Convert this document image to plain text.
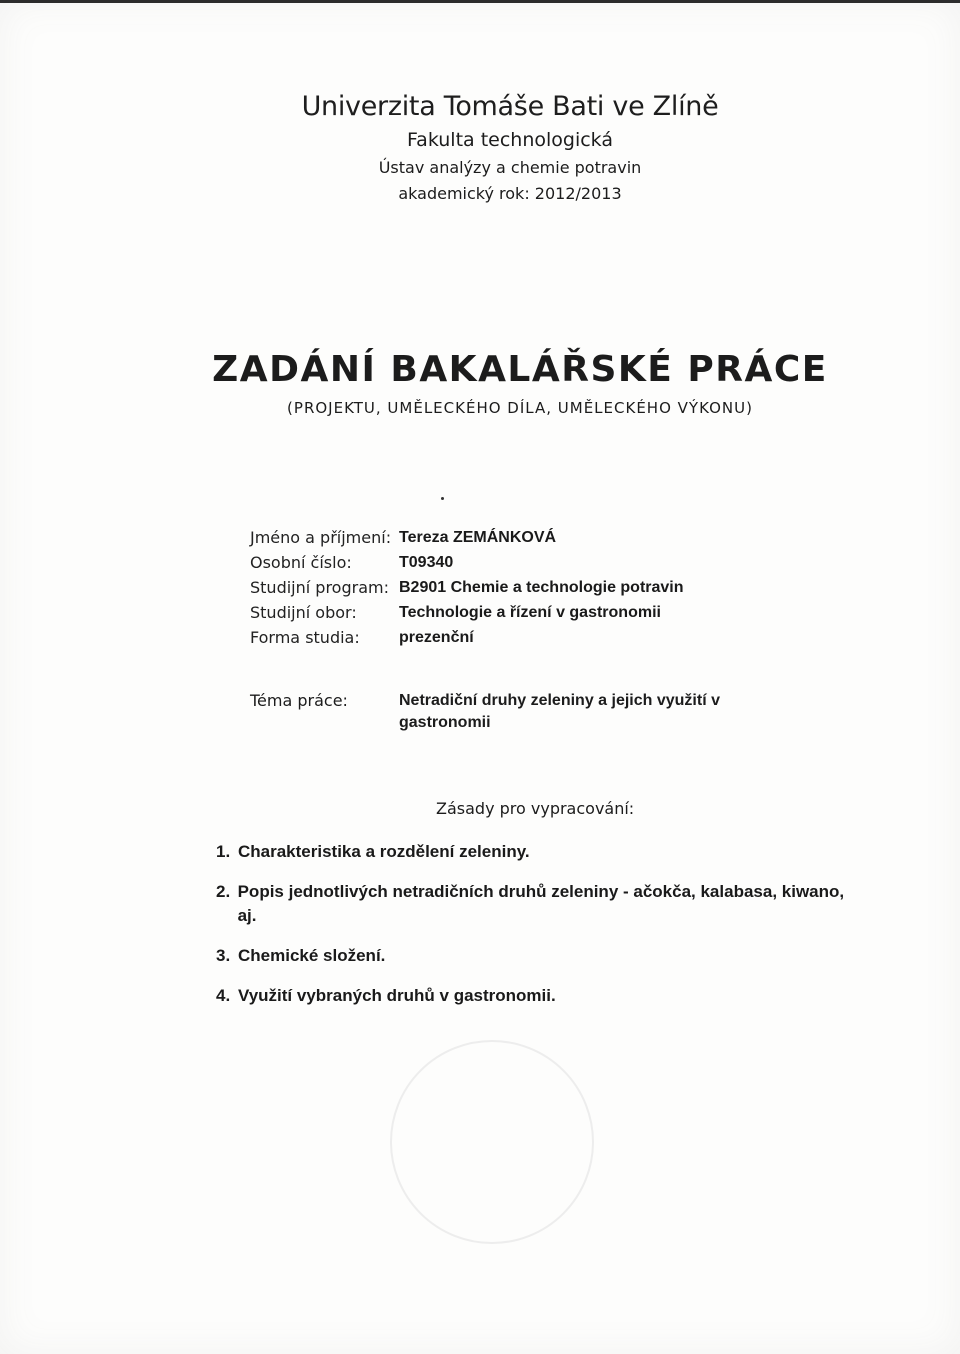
Univerzita Tomáše Bati ve Zlíně
Fakulta technologická
Ústav analýzy a chemie potravin
akademický rok: 2012/2013
ZADÁNÍ BAKALÁŘSKÉ PRÁCE
(PROJEKTU, UMĚLECKÉHO DÍLA, UMĚLECKÉHO VÝKONU)
Jméno a příjmení: Tereza ZEMÁNKOVÁ
Osobní číslo:	T09340
Studijní program: B2901 Chemie a technologie potravin
Studijní obor:	Technologie a řízení v gastronomii
Forma studia:	prezenční
Téma práce:	Netradiční druhy zeleniny a jejich využití v gastronomii
Zásady pro vypracování:
1. Charakteristika a rozdělení zeleniny.
2. Popis jednotlivých netradičních druhů zeleniny - ačokča, kalabasa, kiwano, aj.
3. Chemické složení.
4. Využití vybraných druhů v gastronomii.
